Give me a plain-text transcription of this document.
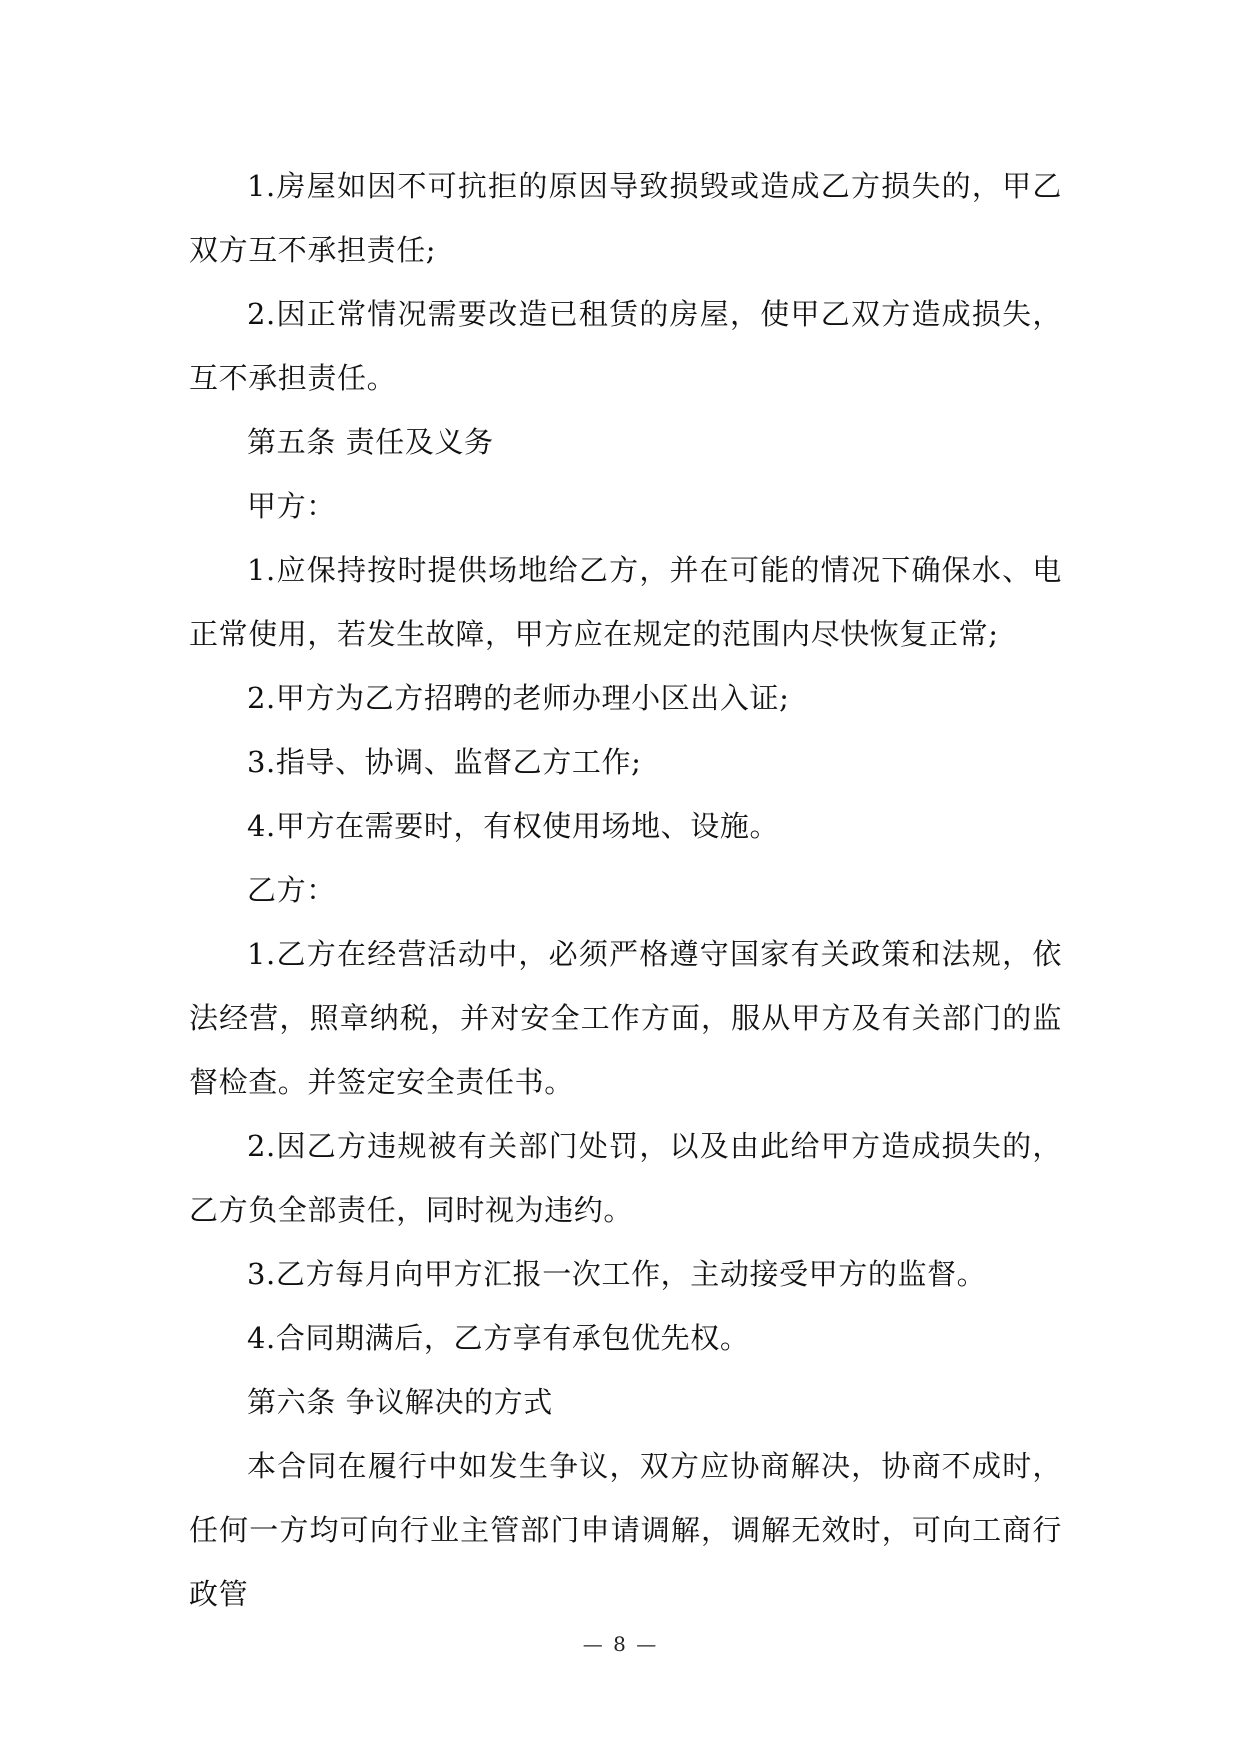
1.房屋如因不可抗拒的原因导致损毁或造成乙方损失的，甲乙双方互不承担责任;

2.因正常情况需要改造已租赁的房屋，使甲乙双方造成损失，互不承担责任。

第五条 责任及义务

甲方：

1.应保持按时提供场地给乙方，并在可能的情况下确保水、电正常使用，若发生故障，甲方应在规定的范围内尽快恢复正常;

2.甲方为乙方招聘的老师办理小区出入证;

3.指导、协调、监督乙方工作;

4.甲方在需要时，有权使用场地、设施。

乙方：

1.乙方在经营活动中，必须严格遵守国家有关政策和法规，依法经营，照章纳税，并对安全工作方面，服从甲方及有关部门的监督检查。并签定安全责任书。

2.因乙方违规被有关部门处罚，以及由此给甲方造成损失的，乙方负全部责任，同时视为违约。

3.乙方每月向甲方汇报一次工作，主动接受甲方的监督。

4.合同期满后，乙方享有承包优先权。

第六条 争议解决的方式

本合同在履行中如发生争议，双方应协商解决，协商不成时，任何一方均可向行业主管部门申请调解，调解无效时，可向工商行政管

— 8 —
